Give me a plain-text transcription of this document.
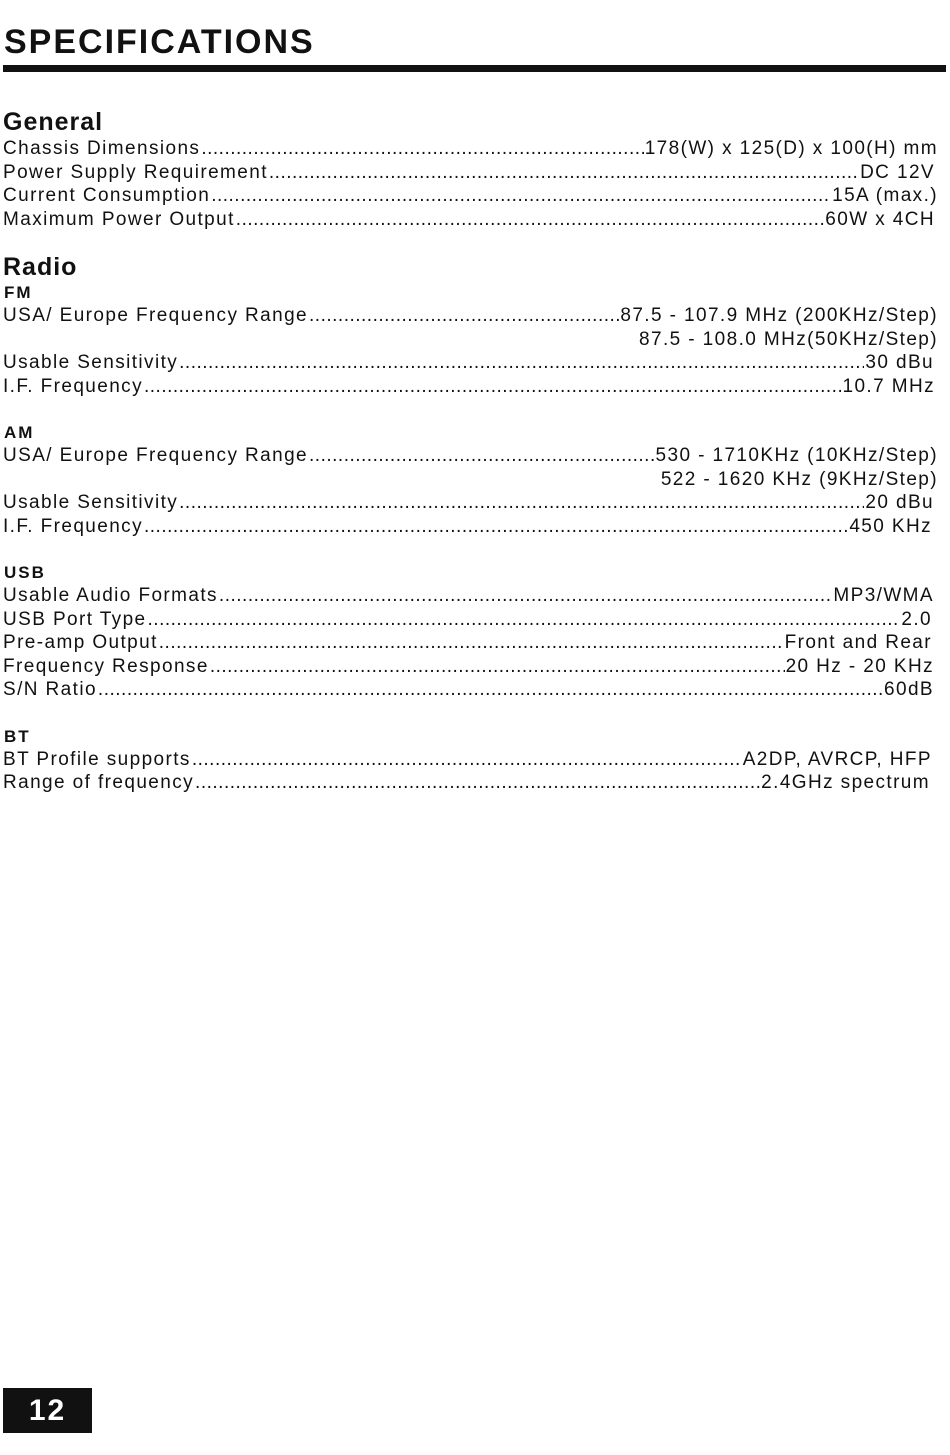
SPECIFICATIONS
General
Chassis Dimensions .....	178(W) x 125(D) x 100(H) mm
Power Supply Requirement .....	DC 12V
Current Consumption .....	15A (max.)
Maximum Power Output .....	60W x 4CH
Radio
FM
USA/ Europe Frequency Range .....	87.5 - 107.9 MHz (200KHz/Step)
87.5 - 108.0 MHz(50KHz/Step)
Usable Sensitivity .....	30 dBu
I.F. Frequency .....	10.7 MHz
AM
USA/ Europe Frequency Range .....	530 - 1710KHz (10KHz/Step)
522 - 1620 KHz (9KHz/Step)
Usable Sensitivity .....	20 dBu
I.F. Frequency .....	450 KHz
USB
Usable Audio Formats .....	MP3/WMA
USB Port Type .....	2.0
Pre-amp Output .....	Front and Rear
Frequency Response .....	20 Hz - 20 KHz
S/N Ratio .....	60dB
BT
BT Profile supports .....	A2DP, AVRCP, HFP
Range of frequency .....	2.4GHz spectrum
12
